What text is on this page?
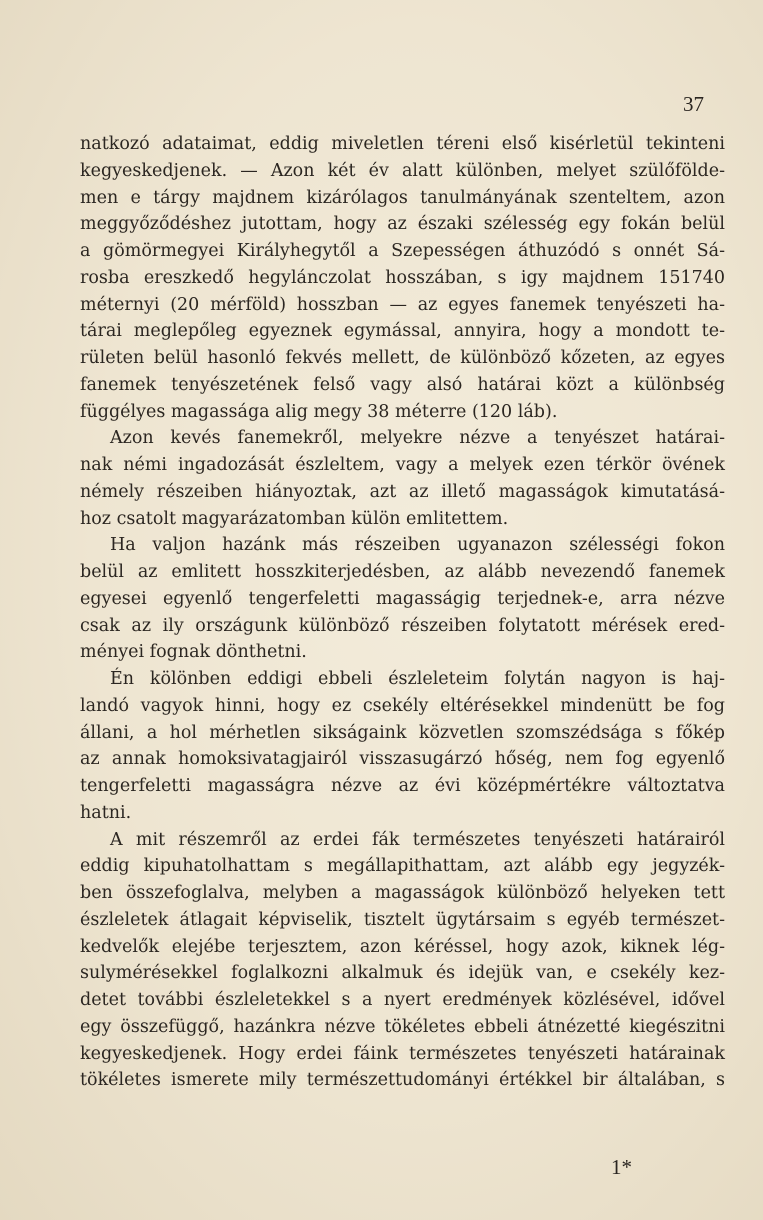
37
natkozó adataimat, eddig miveletlen téreni első kisérletül tekinteni
kegyeskedjenek. — Azon két év alatt különben, melyet szülőfölde-
men e tárgy majdnem kizárólagos tanulmányának szenteltem, azon
meggyőződéshez jutottam, hogy az északi szélesség egy fokán belül
a gömörmegyei Királyhegytől a Szepességen áthuzódó s onnét Sá-
rosba ereszkedő hegylánczolat hosszában, s igy majdnem 151740
méternyi (20 mérföld) hosszban — az egyes fanemek tenyészeti ha-
tárai meglepőleg egyeznek egymással, annyira, hogy a mondott te-
rületen belül hasonló fekvés mellett, de különböző kőzeten, az egyes
fanemek tenyészetének felső vagy alsó határai közt a különbség
függélyes magassága alig megy 38 méterre (120 láb).
Azon kevés fanemekről, melyekre nézve a tenyészet határai-
nak némi ingadozását észleltem, vagy a melyek ezen térkör övének
némely részeiben hiányoztak, azt az illető magasságok kimutatásá-
hoz csatolt magyarázatomban külön emlitettem.
Ha valjon hazánk más részeiben ugyanazon szélességi fokon
belül az emlitett hosszkiterjedésben, az alább nevezendő fanemek
egyesei egyenlő tengerfeletti magasságig terjednek-e, arra nézve
csak az ily országunk különböző részeiben folytatott mérések ered-
ményei fognak dönthetni.
Én kölönben eddigi ebbeli észleleteim folytán nagyon is haj-
landó vagyok hinni, hogy ez csekély eltérésekkel mindenütt be fog
állani, a hol mérhetlen sikságaink közvetlen szomszédsága s főkép
az annak homoksivatagjairól visszasugárzó hőség, nem fog egyenlő
tengerfeletti magasságra nézve az évi középmértékre változtatva
hatni.
A mit részemről az erdei fák természetes tenyészeti határairól
eddig kipuhatolhattam s megállapithattam, azt alább egy jegyzék-
ben összefoglalva, melyben a magasságok különböző helyeken tett
észleletek átlagait képviselik, tisztelt ügytársaim s egyéb természet-
kedvelők elejébe terjesztem, azon kéréssel, hogy azok, kiknek lég-
sulymérésekkel foglalkozni alkalmuk és idejük van, e csekély kez-
detet további észleletekkel s a nyert eredmények közlésével, idővel
egy összefüggő, hazánkra nézve tökéletes ebbeli átnézetté kiegészitni
kegyeskedjenek. Hogy erdei fáink természetes tenyészeti határainak
tökéletes ismerete mily természettudományi értékkel bir általában, s
1*
